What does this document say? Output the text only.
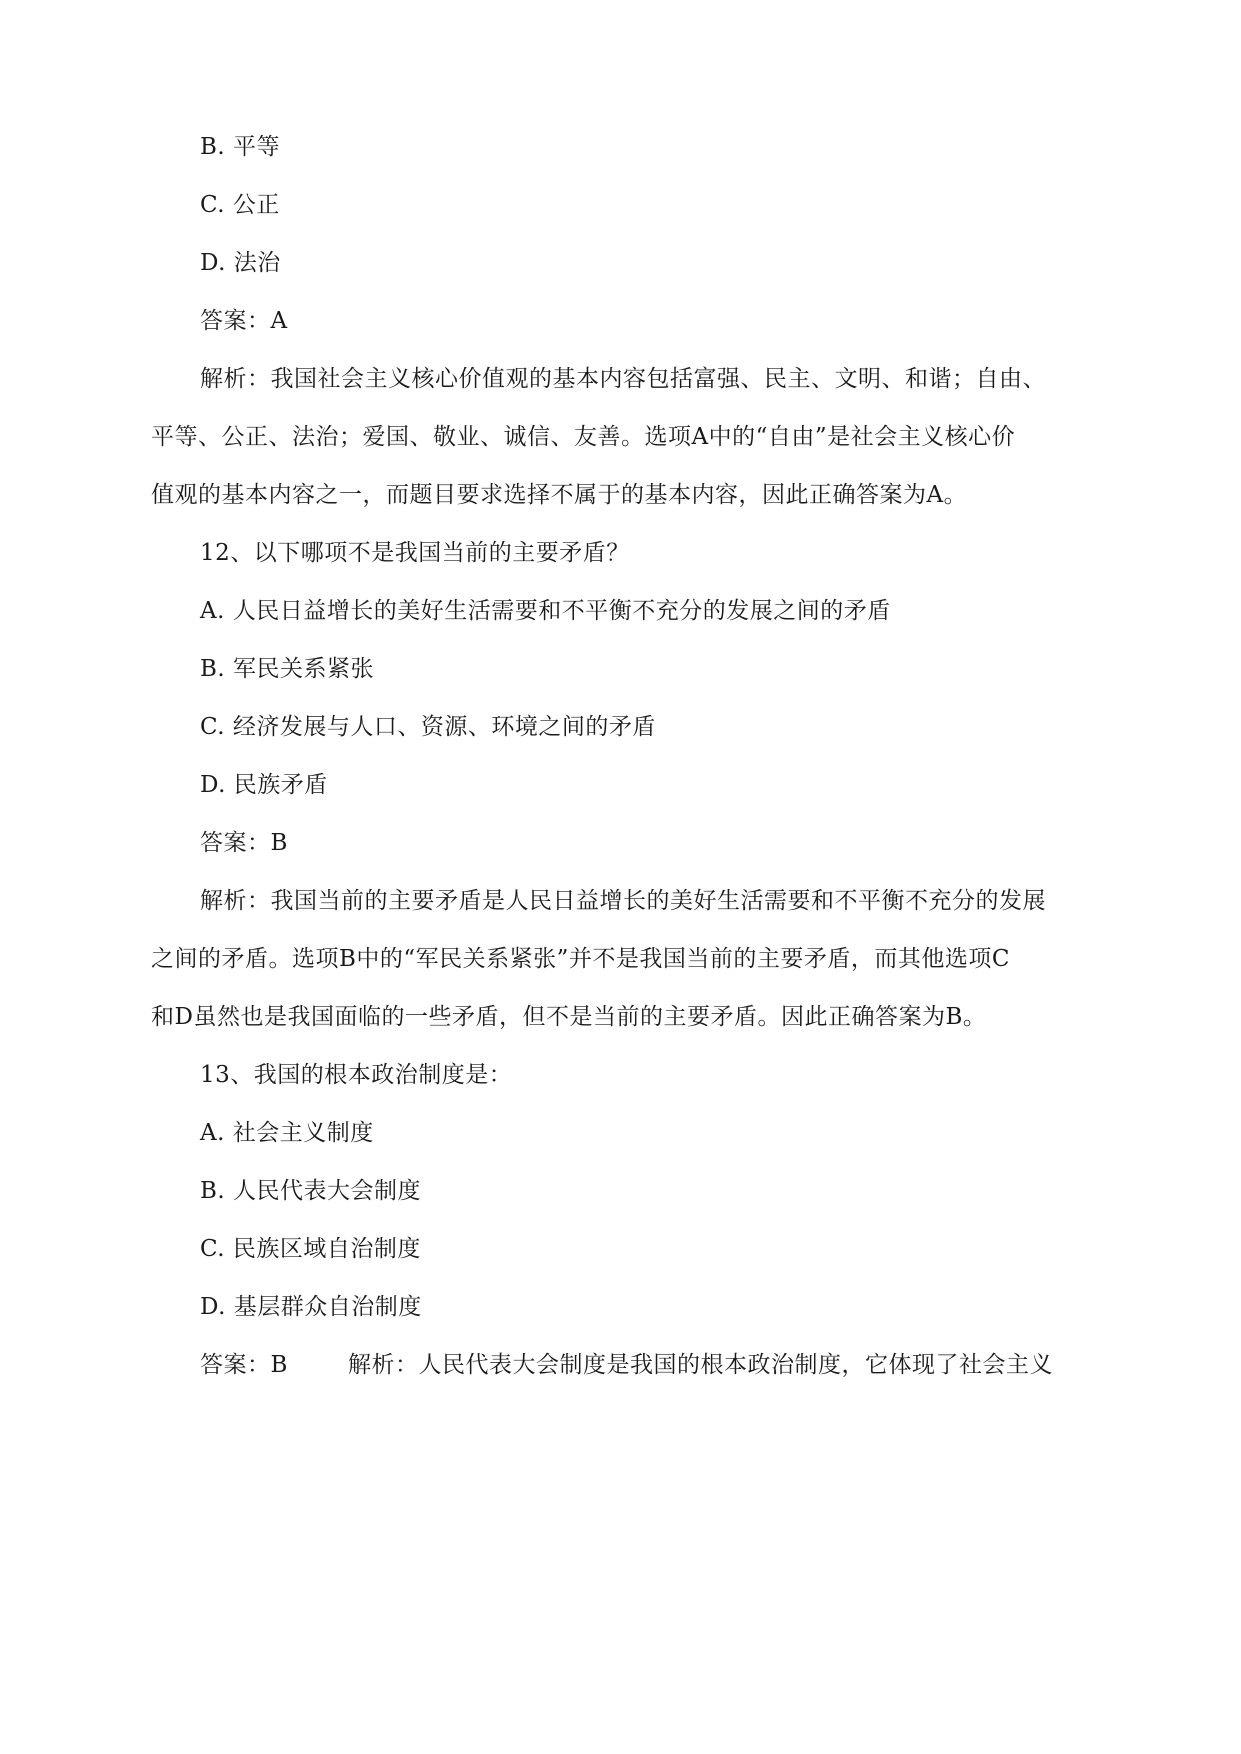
B. 平等
C. 公正
D. 法治
答案：A
解析：我国社会主义核心价值观的基本内容包括富强、民主、文明、和谐；自由、
平等、公正、法治；爱国、敬业、诚信、友善。选项A中的“自由”是社会主义核心价
值观的基本内容之一，而题目要求选择不属于的基本内容，因此正确答案为A。
12、以下哪项不是我国当前的主要矛盾？
A. 人民日益增长的美好生活需要和不平衡不充分的发展之间的矛盾
B. 军民关系紧张
C. 经济发展与人口、资源、环境之间的矛盾
D. 民族矛盾
答案：B
解析：我国当前的主要矛盾是人民日益增长的美好生活需要和不平衡不充分的发展
之间的矛盾。选项B中的“军民关系紧张”并不是我国当前的主要矛盾，而其他选项C
和D虽然也是我国面临的一些矛盾，但不是当前的主要矛盾。因此正确答案为B。
13、我国的根本政治制度是：
A. 社会主义制度
B. 人民代表大会制度
C. 民族区域自治制度
D. 基层群众自治制度
答案：B	解析：人民代表大会制度是我国的根本政治制度，它体现了社会主义
